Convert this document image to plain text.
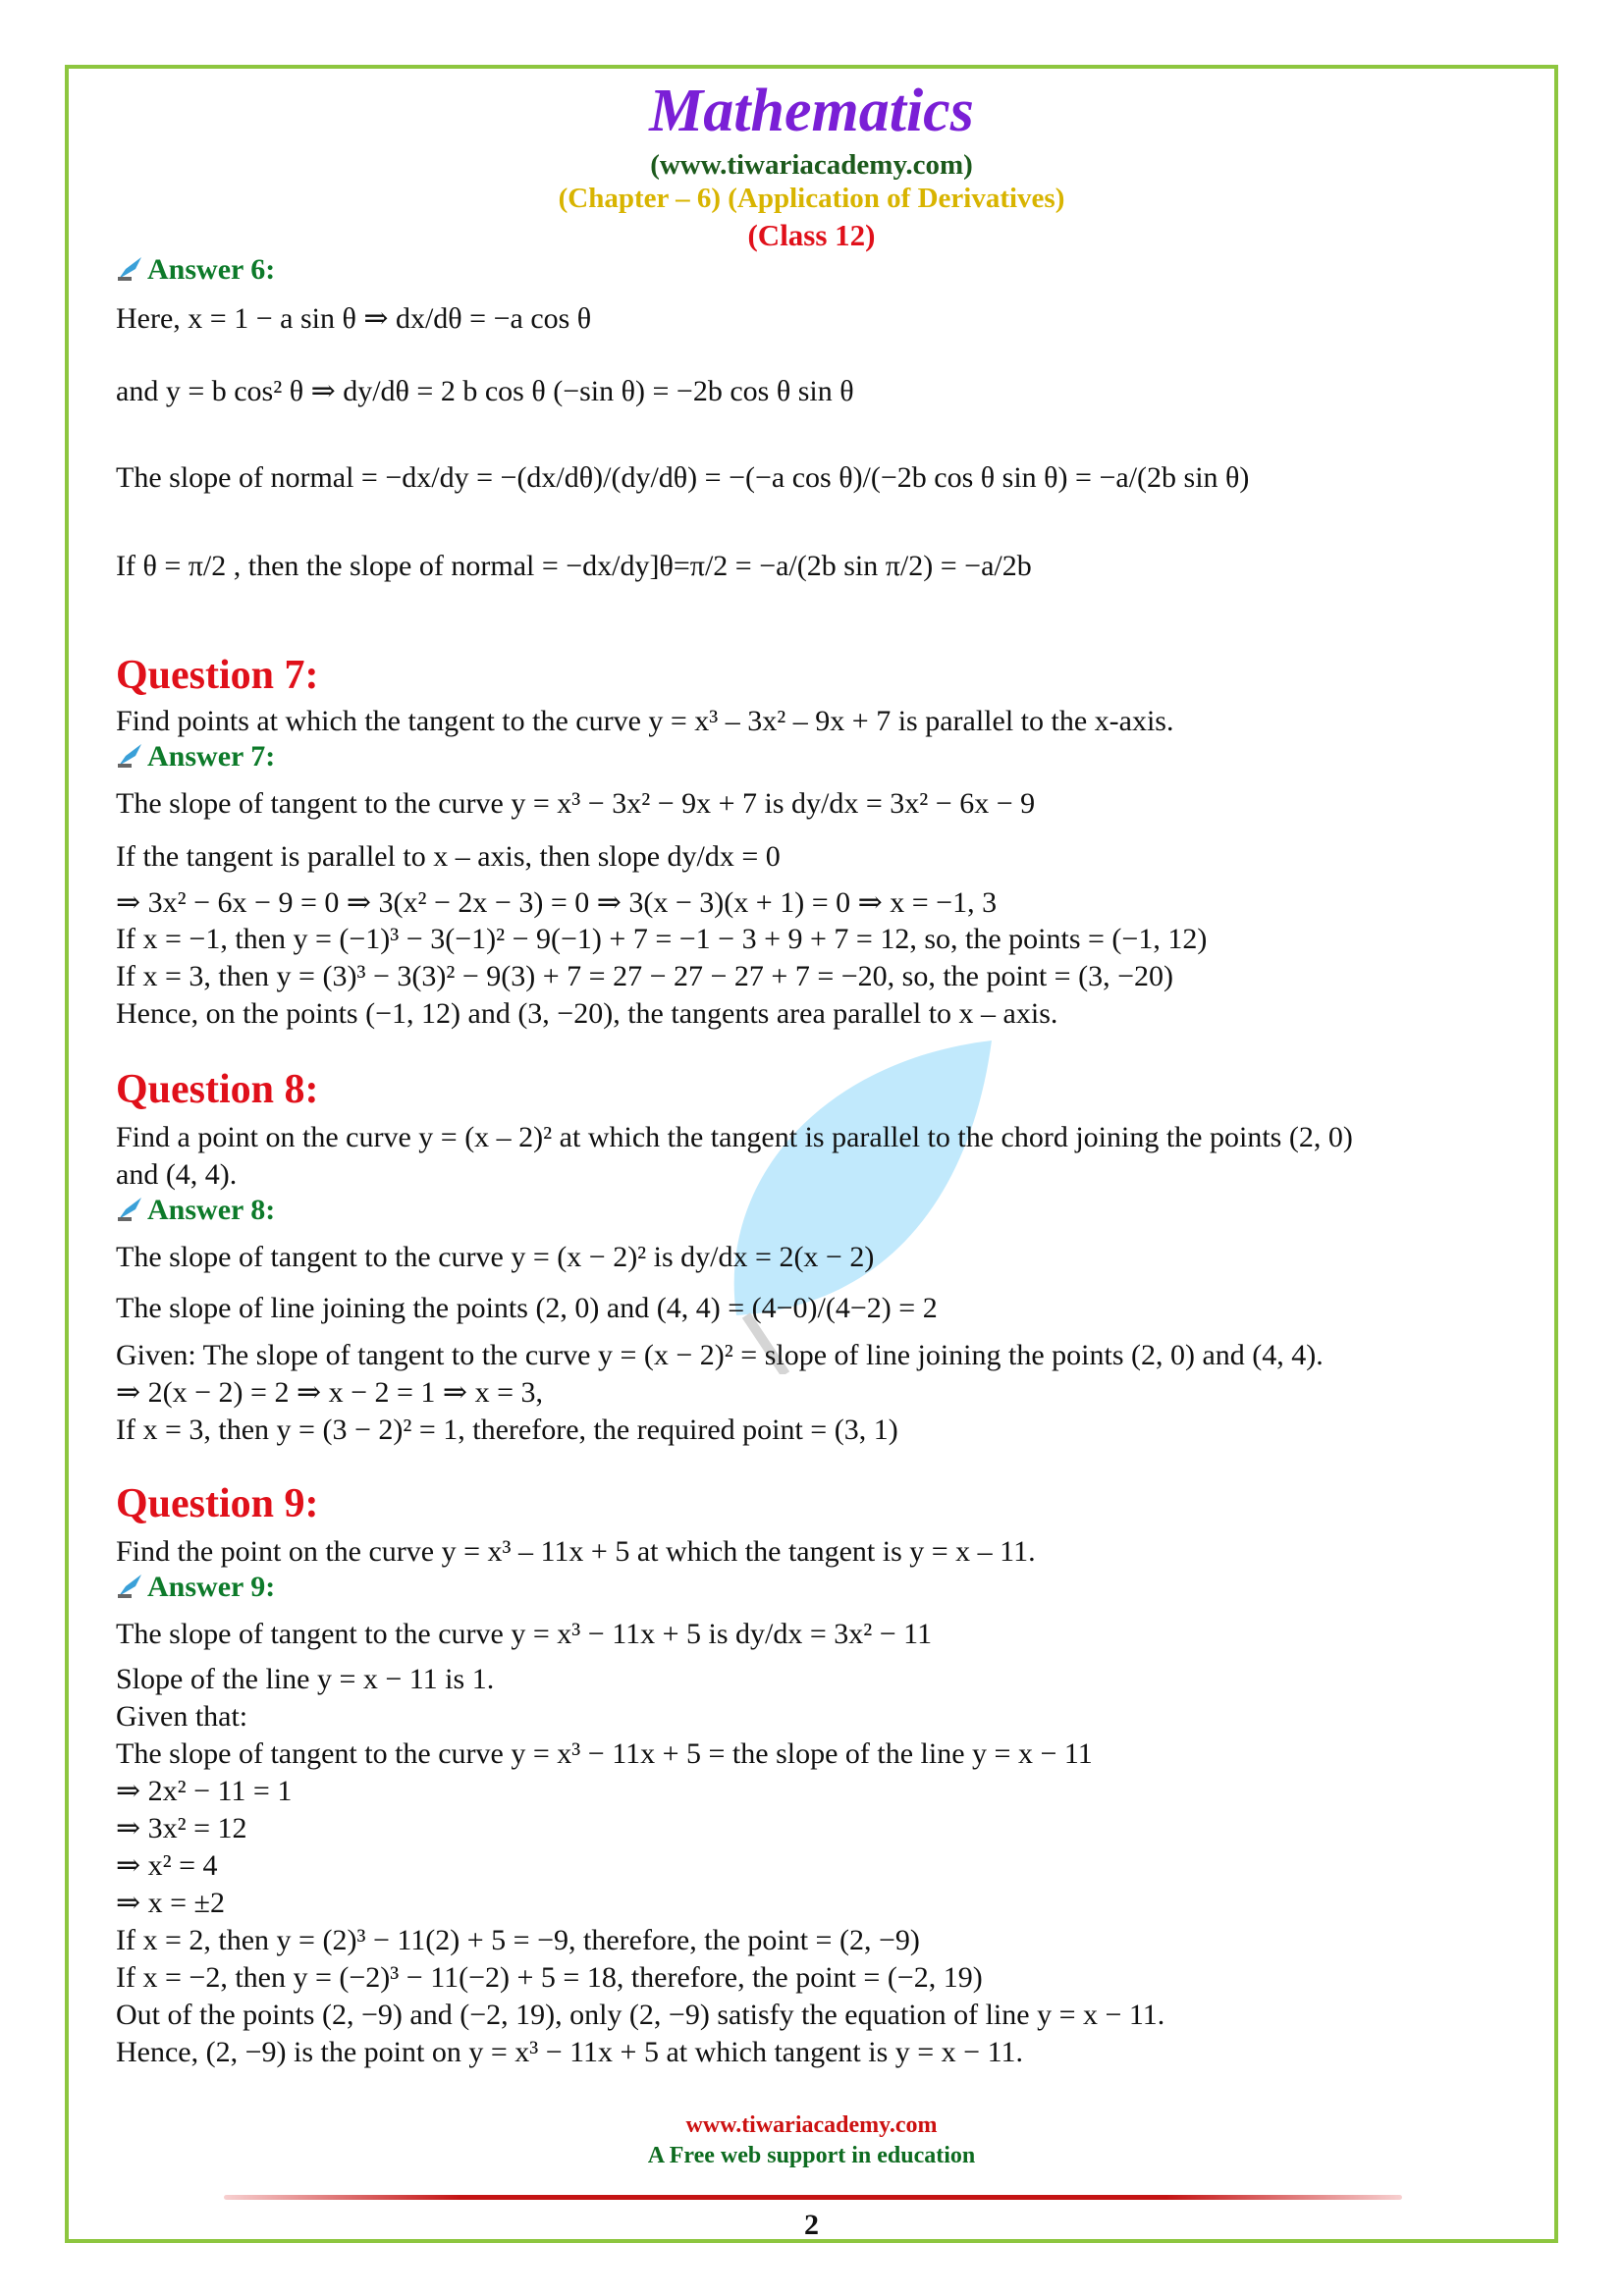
Mathematics
(www.tiwariacademy.com)
(Chapter – 6) (Application of Derivatives)
(Class 12)
Answer 6:
Here, x = 1 − a sin θ ⇒ dx/dθ = −a cos θ
and y = b cos² θ ⇒ dy/dθ = 2 b cos θ (−sin θ) = −2b cos θ sin θ
The slope of normal = −dx/dy = −(dx/dθ)/(dy/dθ) = −(−a cos θ)/(−2b cos θ sin θ) = −a/(2b sin θ)
If θ = π/2 , then the slope of normal = −dx/dy]θ=π/2 = −a/(2b sin π/2) = −a/2b
Question 7:
Find points at which the tangent to the curve y = x³ – 3x² – 9x + 7 is parallel to the x-axis.
Answer 7:
The slope of tangent to the curve y = x³ − 3x² − 9x + 7 is dy/dx = 3x² − 6x − 9
If the tangent is parallel to x – axis, then slope dy/dx = 0
⇒ 3x² − 6x − 9 = 0 ⇒ 3(x² − 2x − 3) = 0 ⇒ 3(x − 3)(x + 1) = 0 ⇒ x = −1, 3
If x = −1, then y = (−1)³ − 3(−1)² − 9(−1) + 7 = −1 − 3 + 9 + 7 = 12, so, the points = (−1, 12)
If x = 3, then y = (3)³ − 3(3)² − 9(3) + 7 = 27 − 27 − 27 + 7 = −20, so, the point = (3, −20)
Hence, on the points (−1, 12) and (3, −20), the tangents area parallel to x – axis.
Question 8:
Find a point on the curve y = (x – 2)² at which the tangent is parallel to the chord joining the points (2, 0)
and (4, 4).
Answer 8:
The slope of tangent to the curve y = (x − 2)² is dy/dx = 2(x − 2)
The slope of line joining the points (2, 0) and (4, 4) = (4−0)/(4−2) = 2
Given: The slope of tangent to the curve y = (x − 2)² = slope of line joining the points (2, 0) and (4, 4).
⇒ 2(x − 2) = 2 ⇒ x − 2 = 1 ⇒ x = 3,
If x = 3, then y = (3 − 2)² = 1, therefore, the required point = (3, 1)
Question 9:
Find the point on the curve y = x³ – 11x + 5 at which the tangent is y = x – 11.
Answer 9:
The slope of tangent to the curve y = x³ − 11x + 5 is dy/dx = 3x² − 11
Slope of the line y = x − 11 is 1.
Given that:
The slope of tangent to the curve y = x³ − 11x + 5 = the slope of the line y = x − 11
⇒ 2x² − 11 = 1
⇒ 3x² = 12
⇒ x² = 4
⇒ x = ±2
If x = 2, then y = (2)³ − 11(2) + 5 = −9, therefore, the point = (2, −9)
If x = −2, then y = (−2)³ − 11(−2) + 5 = 18, therefore, the point = (−2, 19)
Out of the points (2, −9) and (−2, 19), only (2, −9) satisfy the equation of line y = x − 11.
Hence, (2, −9) is the point on y = x³ − 11x + 5 at which tangent is y = x − 11.
www.tiwariacademy.com
A Free web support in education
2
